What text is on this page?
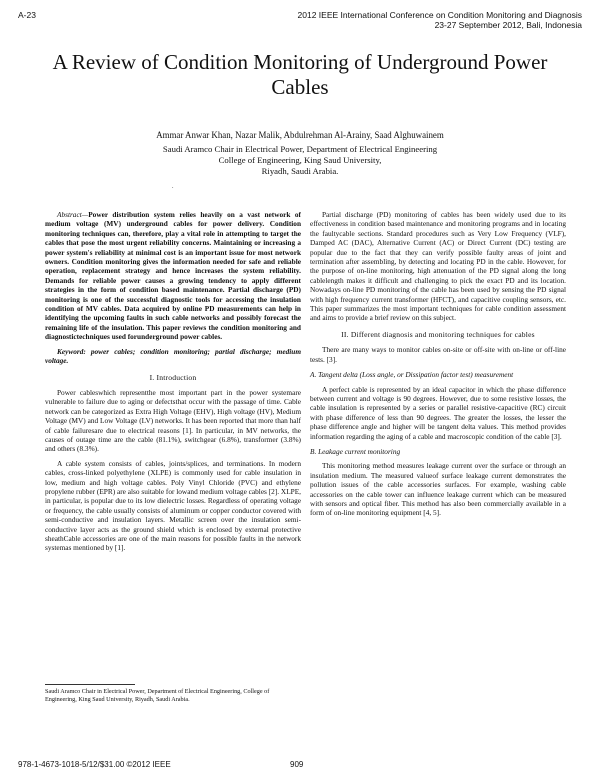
A-23	2012 IEEE International Conference on Condition Monitoring and Diagnosis
23-27 September 2012, Bali, Indonesia
A Review of Condition Monitoring of Underground Power Cables
Ammar Anwar Khan, Nazar Malik, Abdulrehman Al-Arainy, Saad Alghuwainem
Saudi Aramco Chair in Electrical Power, Department of Electrical Engineering
College of Engineering, King Saud University,
Riyadh, Saudi Arabia.
.

Abstract—Power distribution system relies heavily on a vast network of medium voltage (MV) underground cables for power delivery. Condition monitoring techniques can, therefore, play a vital role in attempting to target the cables that pose the most urgent reliability concerns. Maintaining or increasing a power system's reliability at minimal cost is an important issue for most network owners. Condition monitoring gives the information needed for safe and reliable operation, replacement strategy and hence increases the system reliability. Demands for reliable power causes a growing tendency to apply different strategies in the form of condition based maintenance. Partial discharge (PD) monitoring is one of the successful diagnostic tools for accessing the insulation condition of MV cables. Data acquired by online PD measurements can help in identifying the upcoming faults in such cable networks and possibly forecast the remaining life of the insulation. This paper reviews the condition monitoring and diagnostictechniques used forunderground power cables.

Keyword: power cables; condition monitoring; partial discharge; medium voltage.

I. Introduction

Power cableswhich representthe most important part in the power systemare vulnerable to failure due to aging or defectsthat occur with the passage of time. Cable network can be categorized as Extra High Voltage (EHV), High voltage (HV), Medium Voltage (MV) and Low Voltage (LV) networks. It has been reported that more than half of cable failuresare due to electrical reasons [1]. In particular, in MV networks, the causes of outage time are the cable (81.1%), switchgear (6.8%), transformer (3.8%) and others (8.3%).

A cable system consists of cables, joints/splices, and terminations. In modern cables, cross-linked polyethylene (XLPE) is commonly used for cable insulation in low, medium and high voltage cables. Poly Vinyl Chloride (PVC) and ethylene propylene rubber (EPR) are also suitable for lowand medium voltage cables [2]. XLPE, in particular, is popular due to its low dielectric losses. Regardless of operating voltage or frequency, the cable usually consists of aluminum or copper conductor covered with semi-conductive and insulation layers. Metallic screen over the insulation semi-conductive layer acts as the ground shield which is enclosed by external protective sheathCable accessories are one of the main reasons for possible faults in the network systemas mentioned by [1].

Partial discharge (PD) monitoring of cables has been widely used due to its effectiveness in condition based maintenance and monitoring programs and in locating the faultycable sections. Standard procedures such as Very Low Frequency (VLF), Damped AC (DAC), Alternative Current (AC) or Direct Current (DC) testing are popular due to the fact that they can verify possible faulty areas of joint and termination after assembling, by detecting and locating PD in the cable. However, for the purpose of on-line monitoring, high attenuation of the PD signal along the long cablelength makes it difficult and challenging to pick the exact PD and its location. Nowadays on-line PD monitoring of the cable has been used by sensing the PD signal with high frequency current transformer (HFCT), and capacitive coupling sensors, etc. This paper summarizes the most important techniques for cable condition assessment and aims to provide a brief review on this subject.

II. Different diagnosis and monitoring techniques for cables

There are many ways to monitor cables on-site or off-site with on-line or off-line tests. [3].

A. Tangent delta (Loss angle, or Dissipation factor test) measurement

A perfect cable is represented by an ideal capacitor in which the phase difference between current and voltage is 90 degrees. However, due to some resistive losses, the cable insulation is represented by a series or parallel resistive-capacitive (RC) circuit with phase difference of less than 90 degrees. The greater the losses, the lesser the phase difference angle and higher will be tangent delta values. This method provides information regarding the aging of a cable and macroscopic condition of the cable [3].

B. Leakage current monitoring

This monitoring method measures leakage current over the surface or through an insulation medium. The measured valueof surface leakage current demonstrates the pollution issues of the cable accessories surfaces. For example, washing cable accessories on the cable tower can influence leakage current which can be measured with sensors and optical fiber. This method has also been commercially available in a form of on-line monitoring equipment [4, 5].

Saudi Aramco Chair in Electrical Power, Department of Electrical Engineering, College of Engineering, King Saud University, Riyadh, Saudi Arabia.
978-1-4673-1018-5/12/$31.00 ©2012 IEEE	909
